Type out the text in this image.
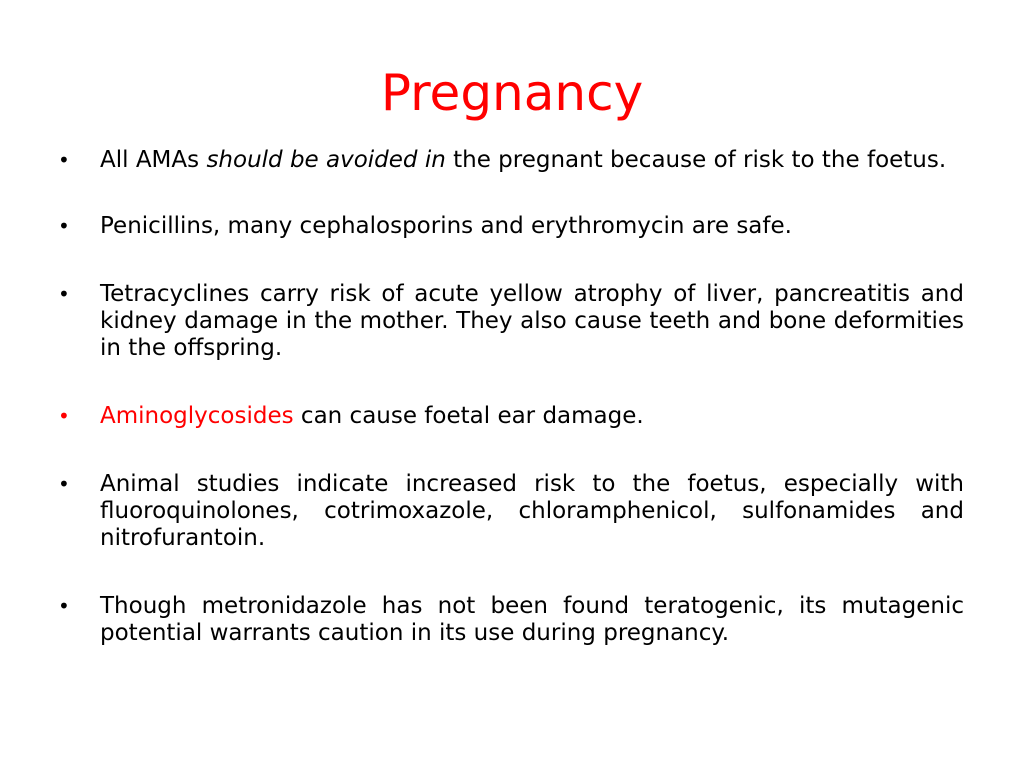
Pregnancy
• All AMAs should be avoided in the pregnant because of risk to the foetus.
• Penicillins, many cephalosporins and erythromycin are safe.
• Tetracyclines carry risk of acute yellow atrophy of liver, pancreatitis and kidney damage in the mother. They also cause teeth and bone deformities in the offspring.
• Aminoglycosides can cause foetal ear damage.
• Animal studies indicate increased risk to the foetus, especially with fluoroquinolones, cotrimoxazole, chloramphenicol, sulfonamides and nitrofurantoin.
• Though metronidazole has not been found teratogenic, its mutagenic potential warrants caution in its use during pregnancy.
